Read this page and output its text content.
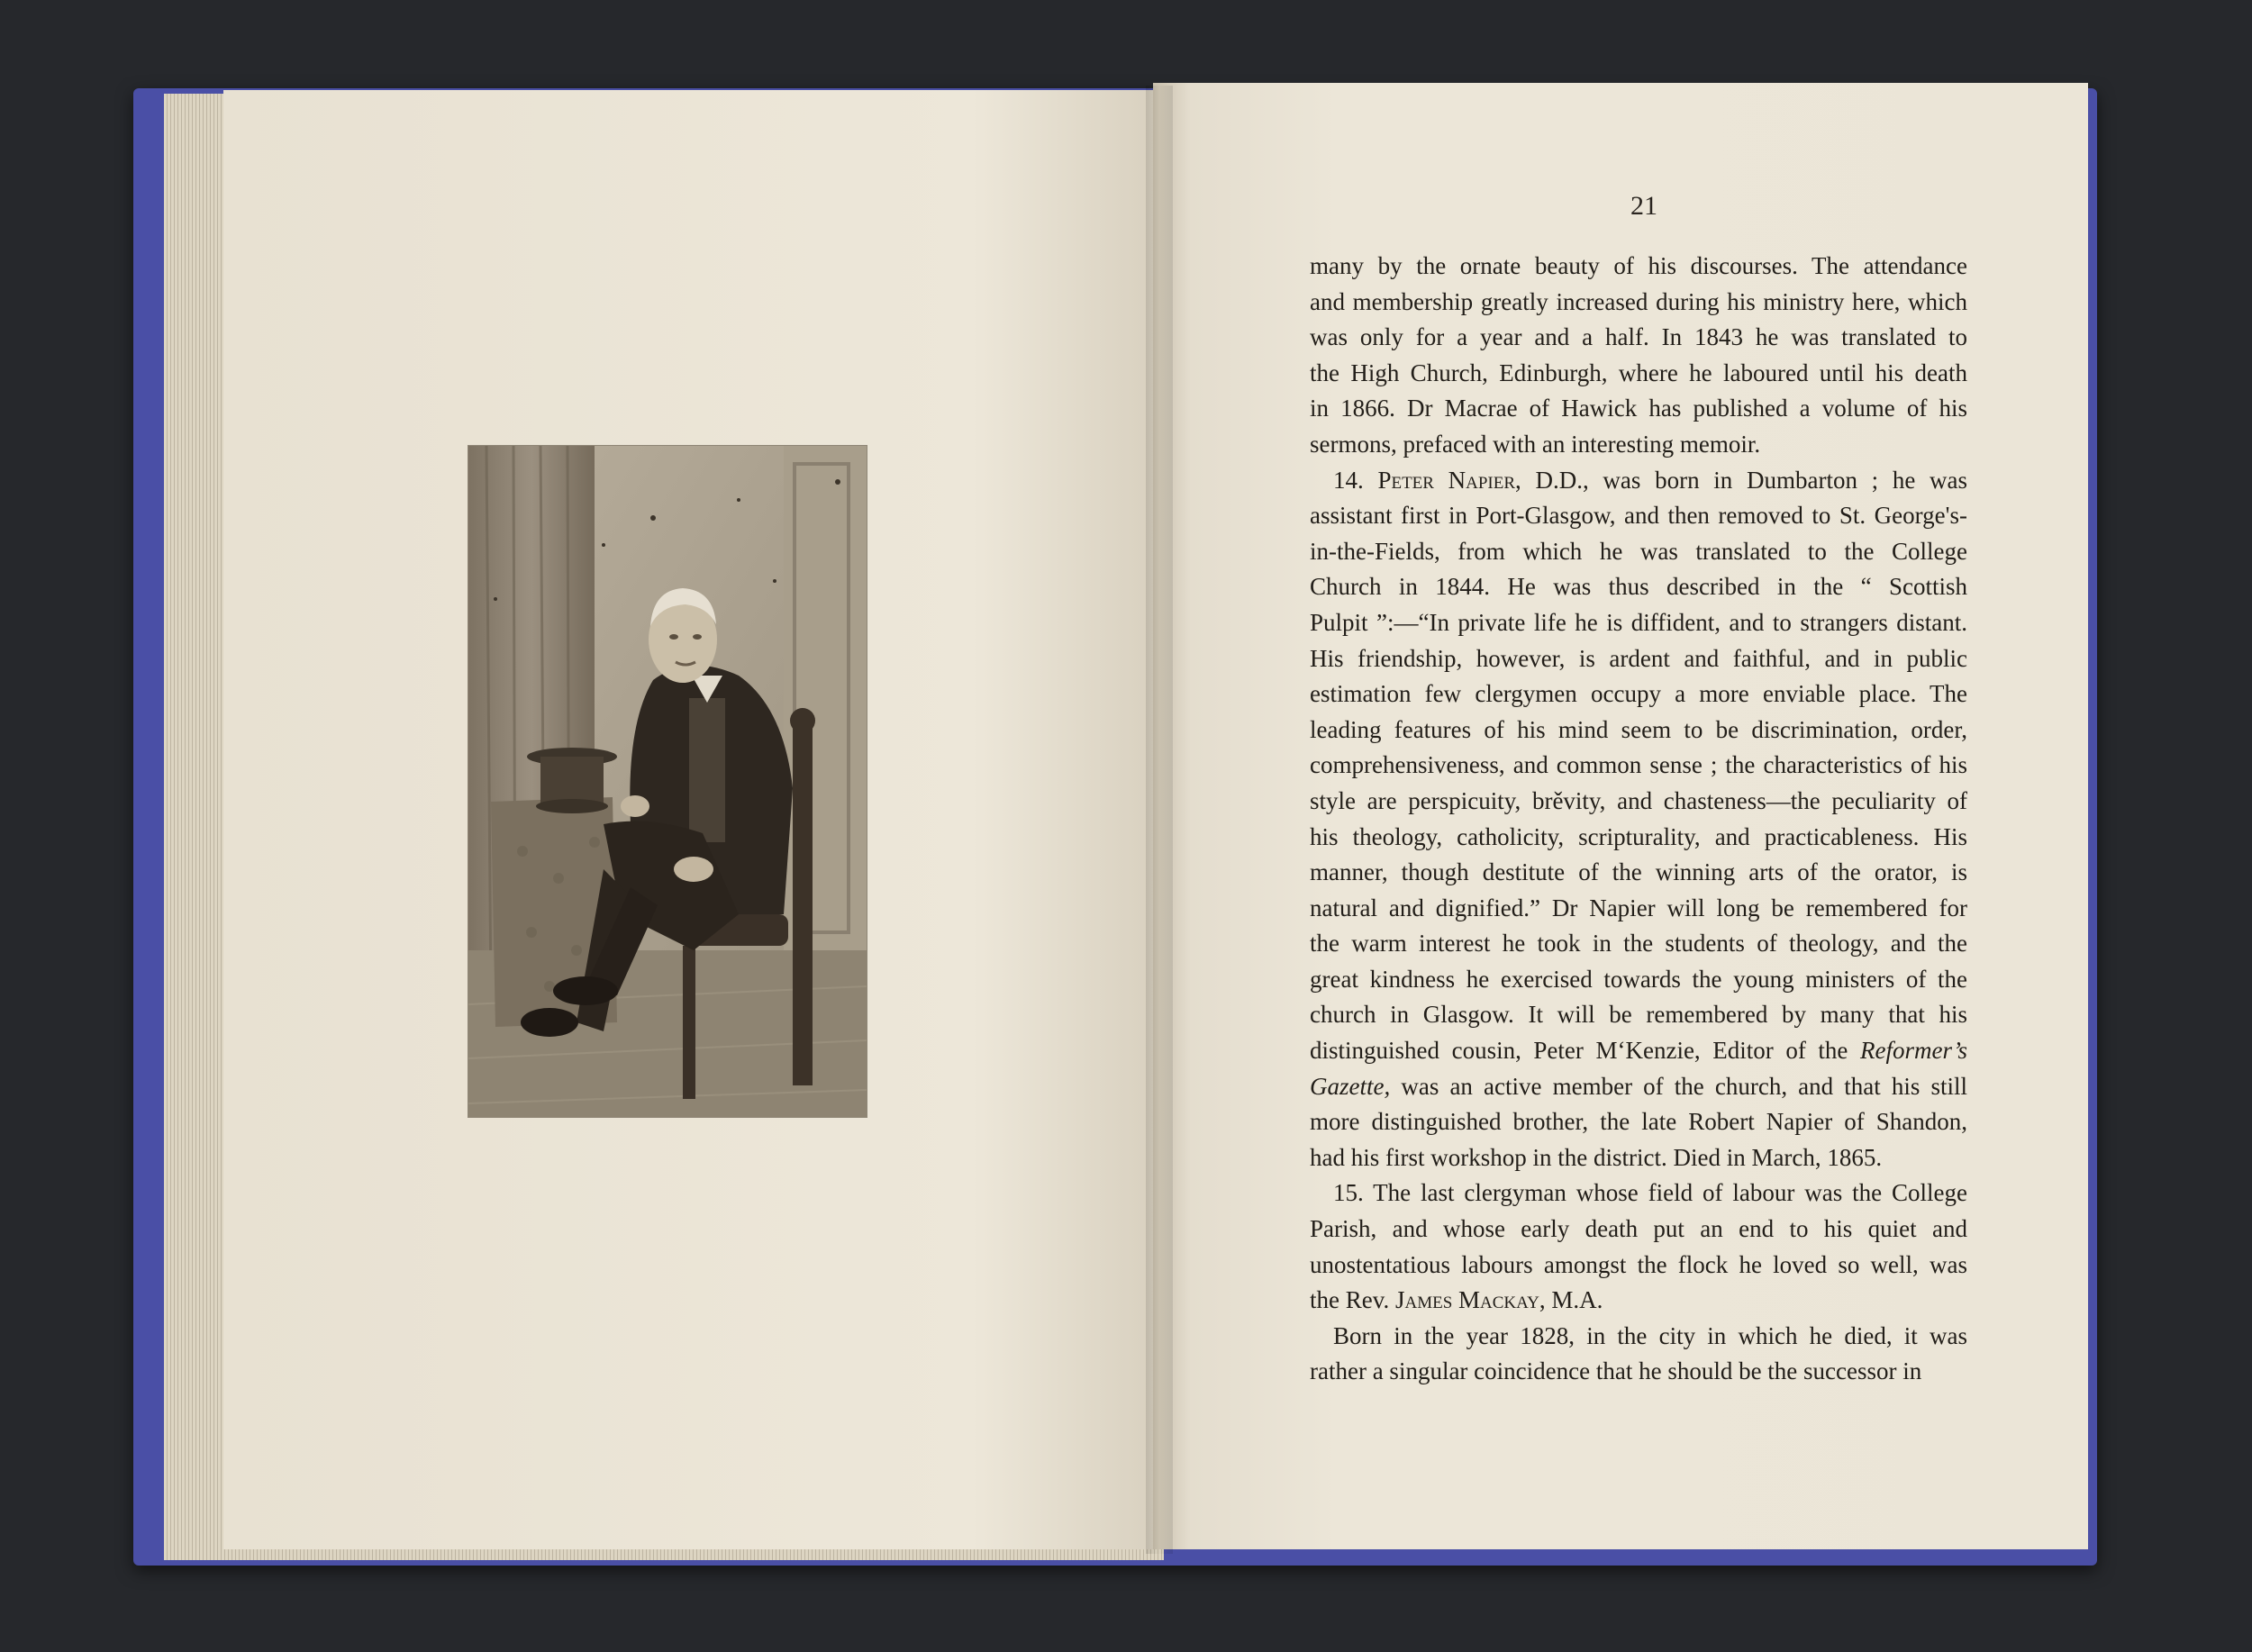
21
many by the ornate beauty of his discourses. The attendance
and membership greatly increased during his ministry here, which
was only for a year and a half. In 1843 he was translated to
the High Church, Edinburgh, where he laboured until his death
in 1866. Dr Macrae of Hawick has published a volume of his
sermons, prefaced with an interesting memoir.
14. Peter Napier, D.D., was born in Dumbarton ; he was
assistant first in Port-Glasgow, and then removed to St. George's-
in-the-Fields, from which he was translated to the College
Church in 1844. He was thus described in the “ Scottish
Pulpit ”:—“In private life he is diffident, and to strangers distant.
His friendship, however, is ardent and faithful, and in public
estimation few clergymen occupy a more enviable place. The
leading features of his mind seem to be discrimination, order,
comprehensiveness, and common sense ; the characteristics of his
style are perspicuity, brěvity, and chasteness—the peculiarity of
his theology, catholicity, scripturality, and practicableness. His
manner, though destitute of the winning arts of the orator, is
natural and dignified.” Dr Napier will long be remembered for
the warm interest he took in the students of theology, and the
great kindness he exercised towards the young ministers of the
church in Glasgow. It will be remembered by many that his
distinguished cousin, Peter M‘Kenzie, Editor of the Reformer’s
Gazette, was an active member of the church, and that his still
more distinguished brother, the late Robert Napier of Shandon,
had his first workshop in the district. Died in March, 1865.
15. The last clergyman whose field of labour was the College
Parish, and whose early death put an end to his quiet and
unostentatious labours amongst the flock he loved so well, was
the Rev. James Mackay, M.A.
Born in the year 1828, in the city in which he died, it was
rather a singular coincidence that he should be the successor in
